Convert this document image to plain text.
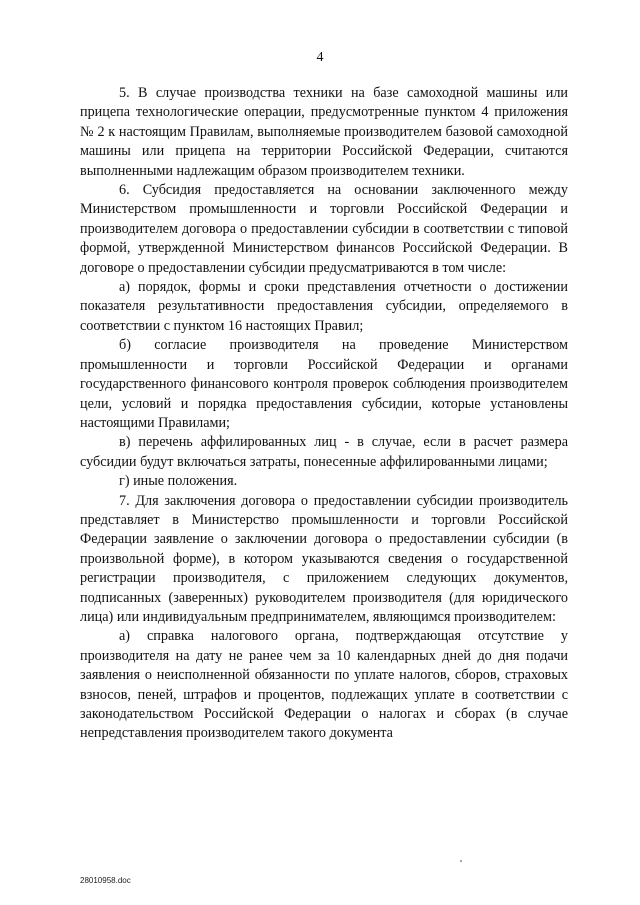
4

5. В случае производства техники на базе самоходной машины или прицепа технологические операции, предусмотренные пунктом 4 приложения № 2 к настоящим Правилам, выполняемые производителем базовой самоходной машины или прицепа на территории Российской Федерации, считаются выполненными надлежащим образом производителем техники.

6. Субсидия предоставляется на основании заключенного между Министерством промышленности и торговли Российской Федерации и производителем договора о предоставлении субсидии в соответствии с типовой формой, утвержденной Министерством финансов Российской Федерации. В договоре о предоставлении субсидии предусматриваются в том числе:

а) порядок, формы и сроки представления отчетности о достижении показателя результативности предоставления субсидии, определяемого в соответствии с пунктом 16 настоящих Правил;

б) согласие производителя на проведение Министерством промышленности и торговли Российской Федерации и органами государственного финансового контроля проверок соблюдения производителем цели, условий и порядка предоставления субсидии, которые установлены настоящими Правилами;

в) перечень аффилированных лиц - в случае, если в расчет размера субсидии будут включаться затраты, понесенные аффилированными лицами;

г) иные положения.

7. Для заключения договора о предоставлении субсидии производитель представляет в Министерство промышленности и торговли Российской Федерации заявление о заключении договора о предоставлении субсидии (в произвольной форме), в котором указываются сведения о государственной регистрации производителя, с приложением следующих документов, подписанных (заверенных) руководителем производителя (для юридического лица) или индивидуальным предпринимателем, являющимся производителем:

а) справка налогового органа, подтверждающая отсутствие у производителя на дату не ранее чем за 10 календарных дней до дня подачи заявления о неисполненной обязанности по уплате налогов, сборов, страховых взносов, пеней, штрафов и процентов, подлежащих уплате в соответствии с законодательством Российской Федерации о налогах и сборах (в случае непредставления производителем такого документа

28010958.doc
